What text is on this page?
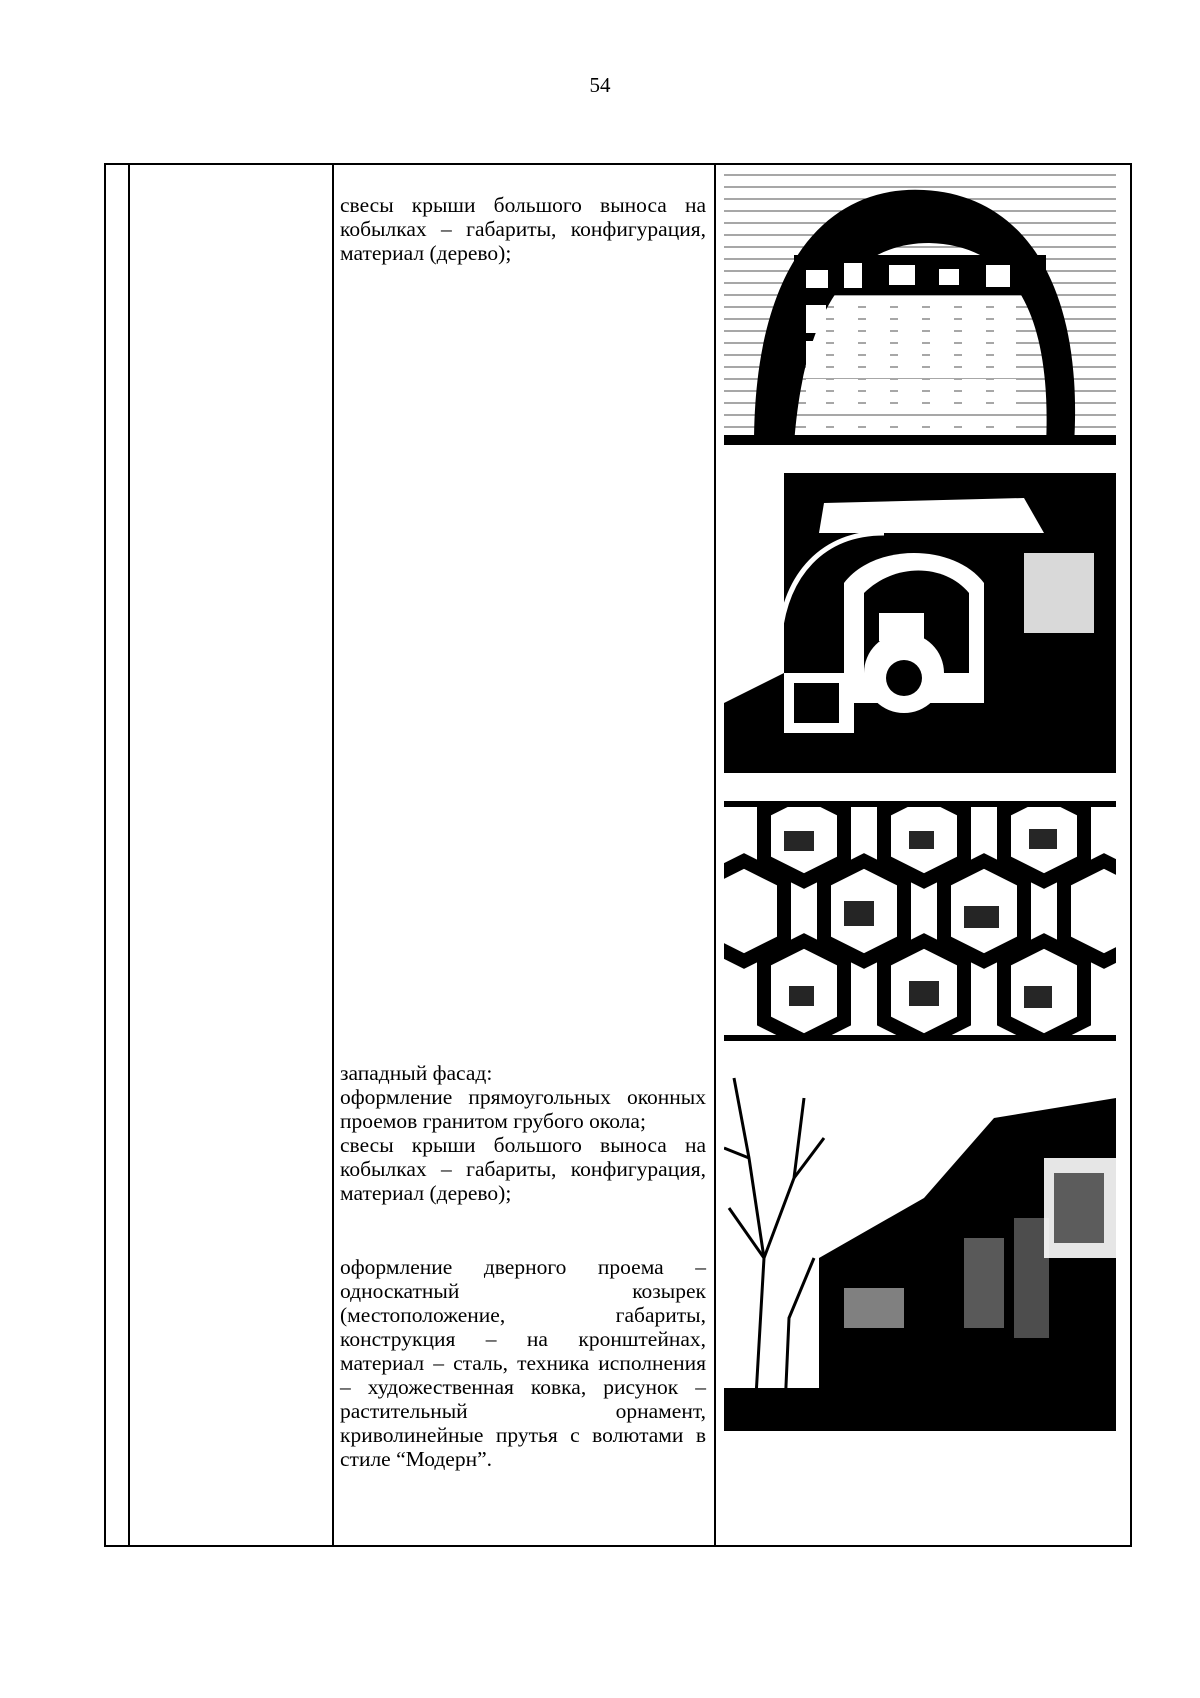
54

свесы крыши большого выноса на кобылках – габариты, конфигурация, материал (дерево);

западный фасад:

оформление прямоугольных оконных проемов гранитом грубого окола;

свесы крыши большого выноса на кобылках – габариты, конфигурация, материал (дерево);

оформление дверного проема – односкатный козырек (местоположение, габариты, конструкция – на кронштейнах, материал – сталь, техника исполнения – художественная ковка, рисунок – растительный орнамент, криволинейные прутья с волютами в стиле “Модерн”.
